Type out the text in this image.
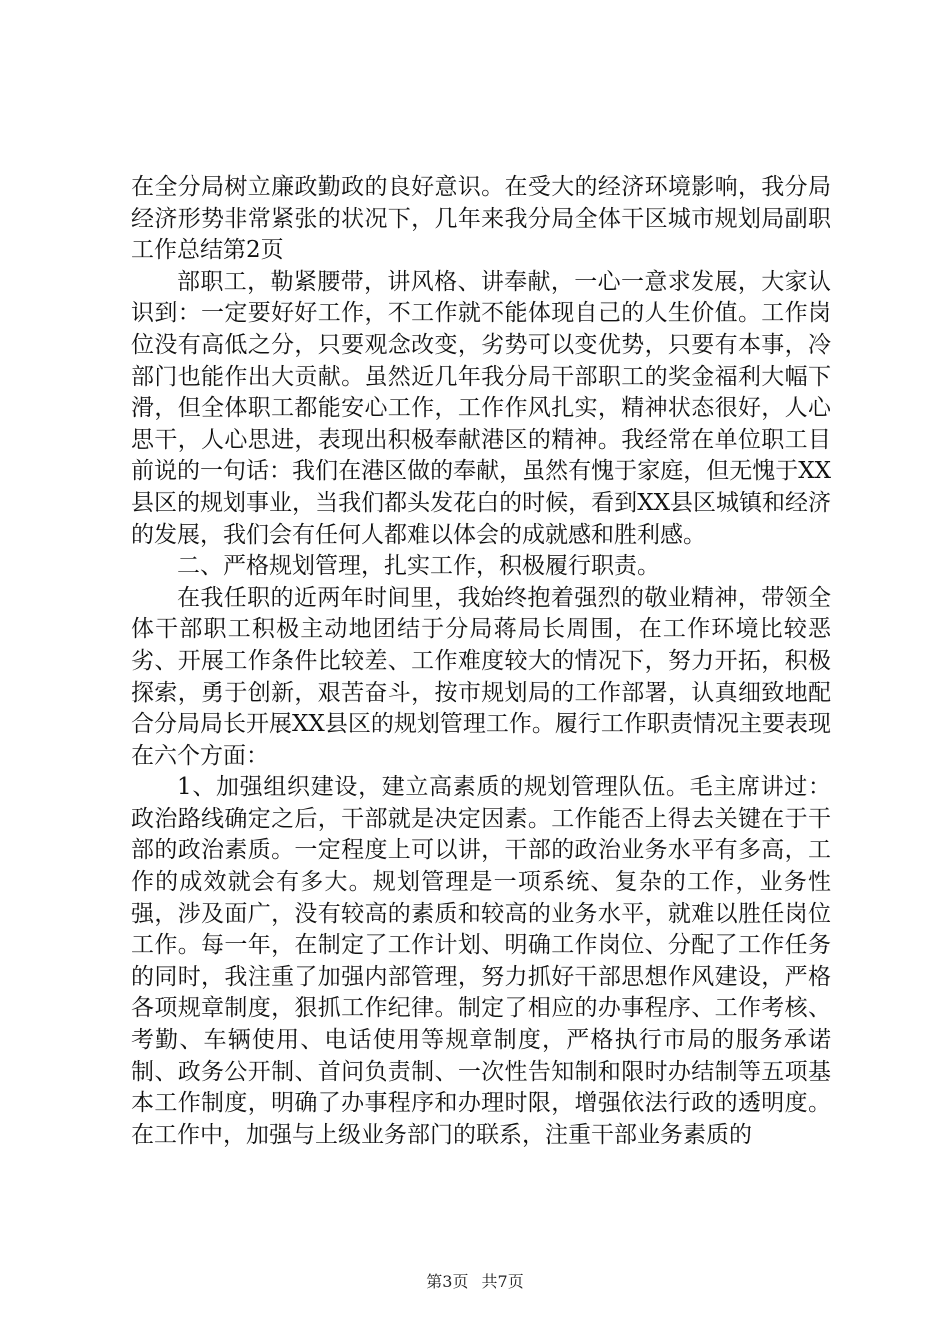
在全分局树立廉政勤政的良好意识。在受大的经济环境影响，我分局经济形势非常紧张的状况下，几年来我分局全体干区城市规划局副职工作总结第2页

部职工，勒紧腰带，讲风格、讲奉献，一心一意求发展，大家认识到：一定要好好工作，不工作就不能体现自己的人生价值。工作岗位没有高低之分，只要观念改变，劣势可以变优势，只要有本事，冷部门也能作出大贡献。虽然近几年我分局干部职工的奖金福利大幅下滑，但全体职工都能安心工作，工作作风扎实，精神状态很好，人心思干，人心思进，表现出积极奉献港区的精神。我经常在单位职工目前说的一句话：我们在港区做的奉献，虽然有愧于家庭，但无愧于XX县区的规划事业，当我们都头发花白的时候，看到XX县区城镇和经济的发展，我们会有任何人都难以体会的成就感和胜利感。

二、严格规划管理，扎实工作，积极履行职责。

在我任职的近两年时间里，我始终抱着强烈的敬业精神，带领全体干部职工积极主动地团结于分局蒋局长周围，在工作环境比较恶劣、开展工作条件比较差、工作难度较大的情况下，努力开拓，积极探索，勇于创新，艰苦奋斗，按市规划局的工作部署，认真细致地配合分局局长开展XX县区的规划管理工作。履行工作职责情况主要表现在六个方面：

1、加强组织建设，建立高素质的规划管理队伍。毛主席讲过：政治路线确定之后，干部就是决定因素。工作能否上得去关键在于干部的政治素质。一定程度上可以讲，干部的政治业务水平有多高，工作的成效就会有多大。规划管理是一项系统、复杂的工作，业务性强，涉及面广，没有较高的素质和较高的业务水平，就难以胜任岗位工作。每一年，在制定了工作计划、明确工作岗位、分配了工作任务的同时，我注重了加强内部管理，努力抓好干部思想作风建设，严格各项规章制度，狠抓工作纪律。制定了相应的办事程序、工作考核、考勤、车辆使用、电话使用等规章制度，严格执行市局的服务承诺制、政务公开制、首问负责制、一次性告知制和限时办结制等五项基本工作制度，明确了办事程序和办理时限，增强依法行政的透明度。在工作中，加强与上级业务部门的联系，注重干部业务素质的

第3页 共7页
